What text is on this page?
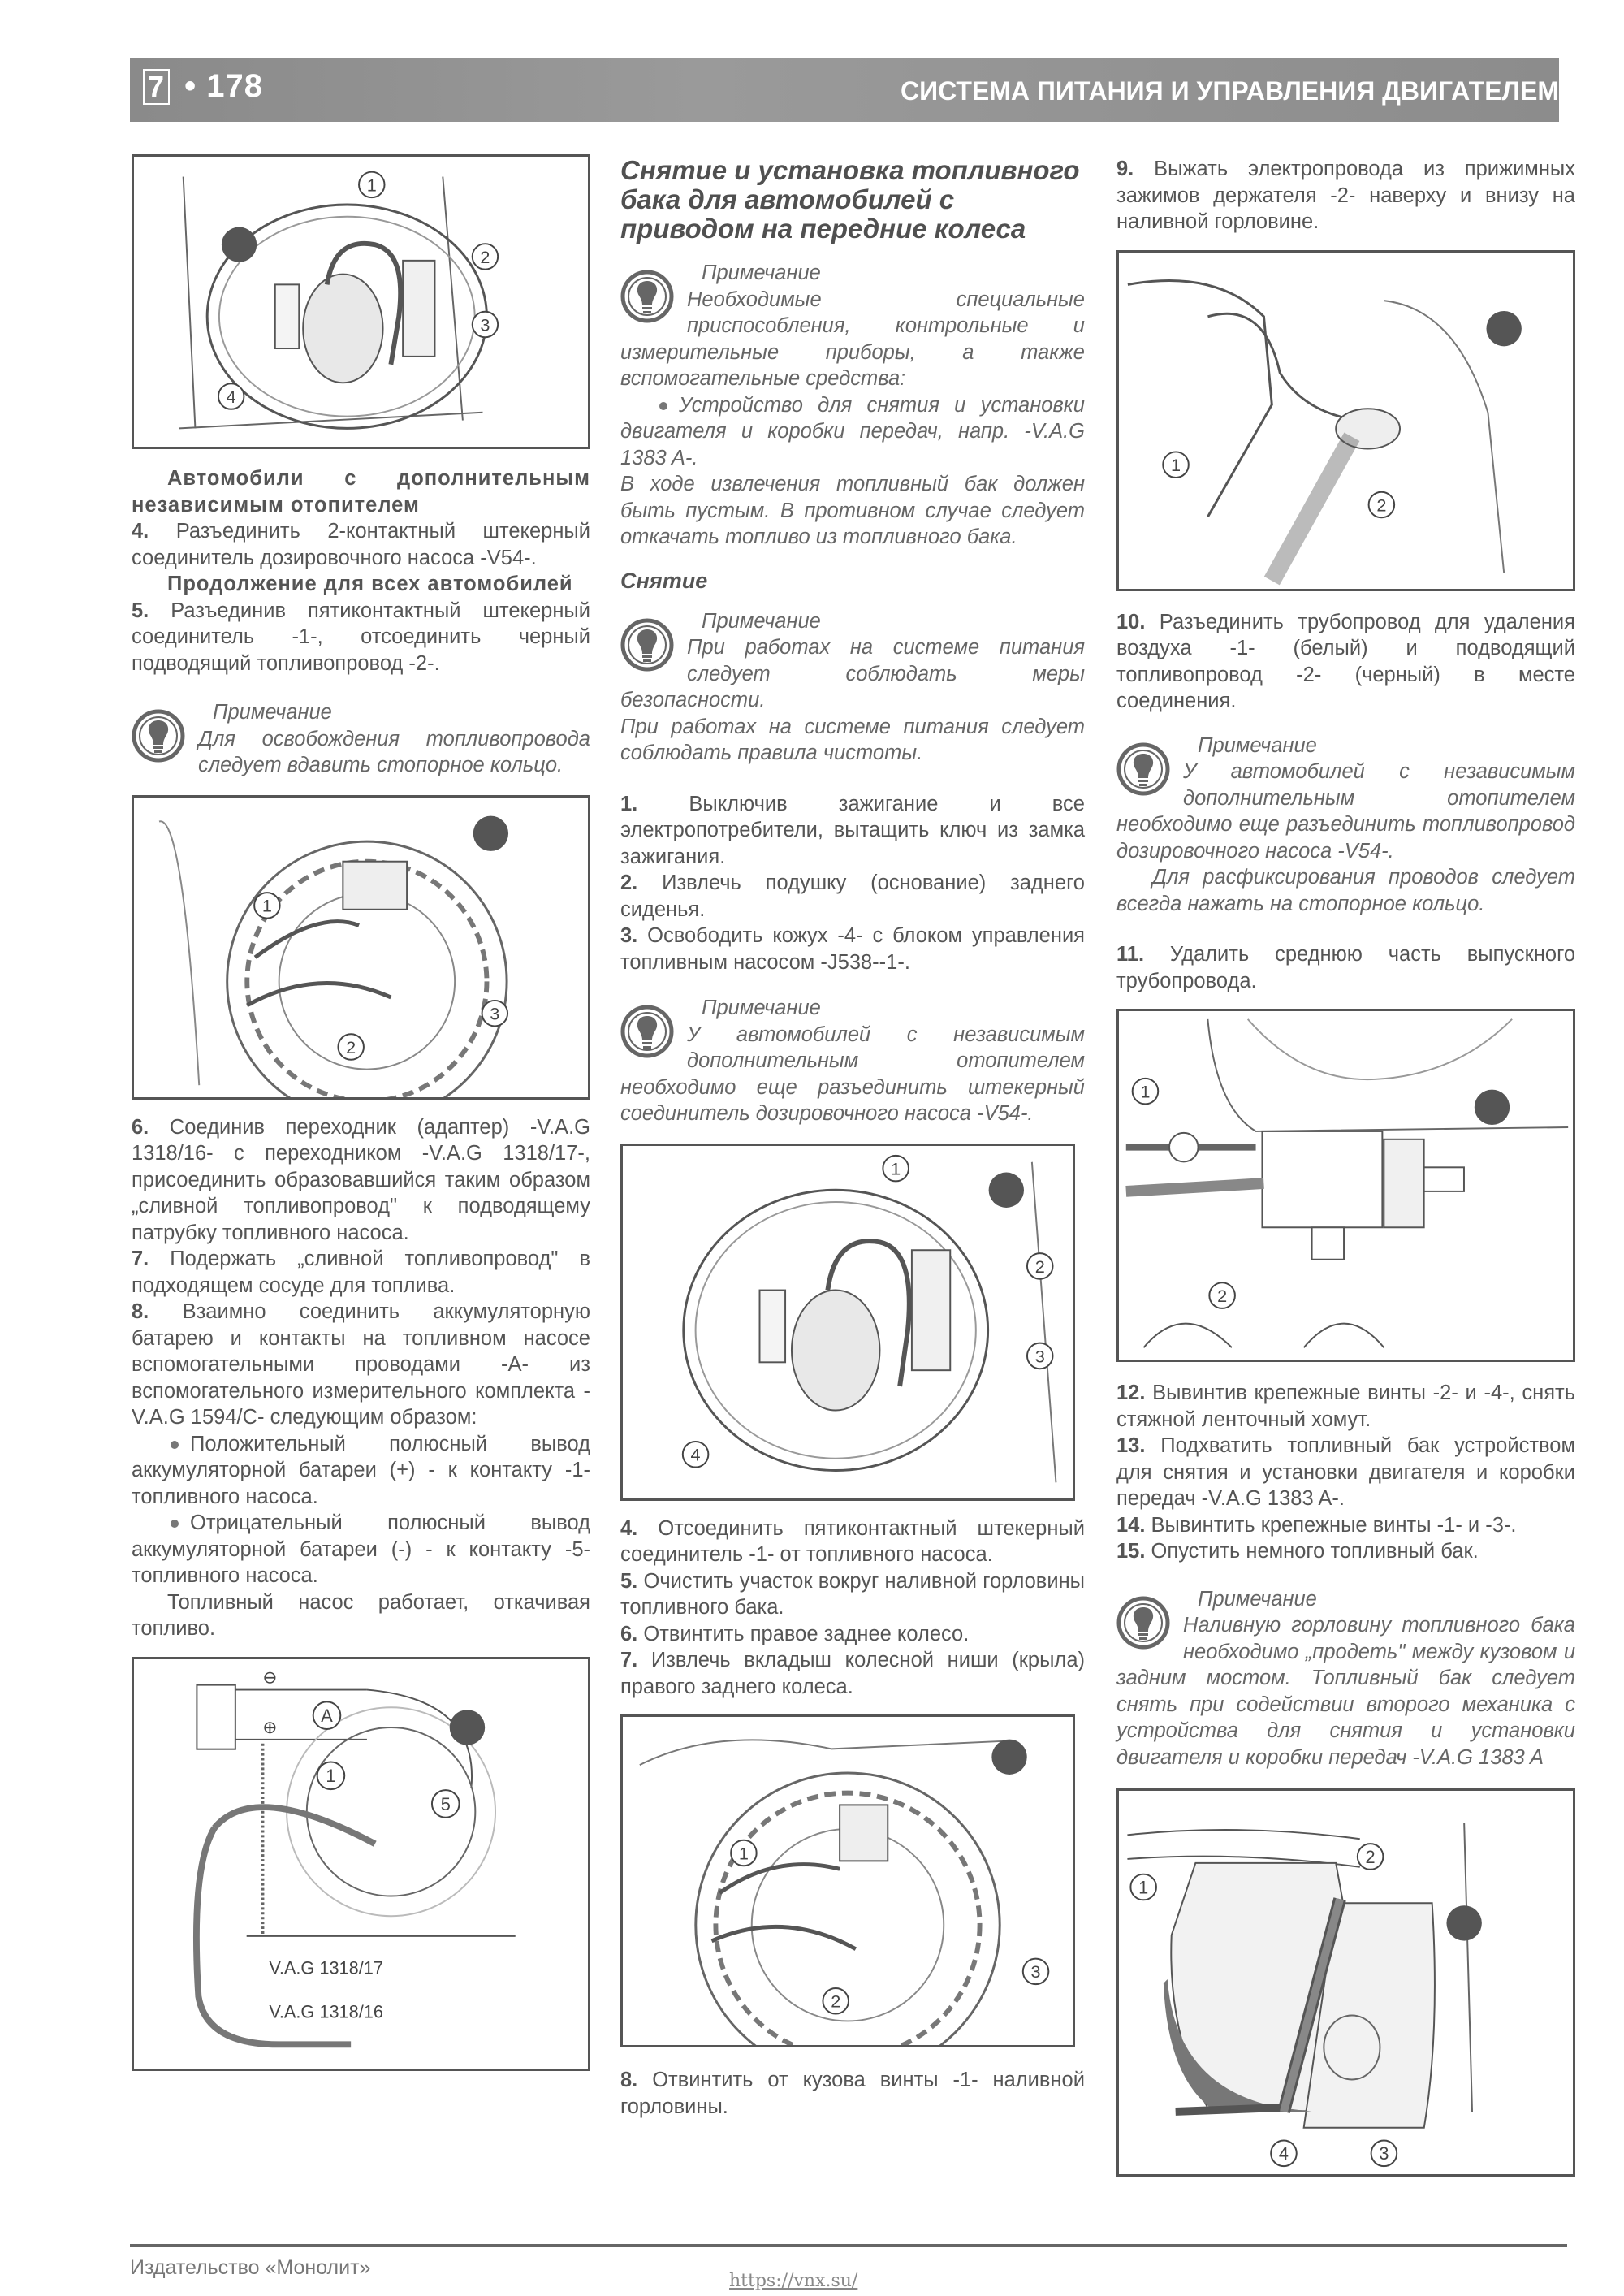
7 • 178	СИСТЕМА ПИТАНИЯ И УПРАВЛЕНИЯ ДВИГАТЕЛЕМ
1
2
3
4
Автомобили с дополнительным независимым отопителем

4. Разъединить 2-контактный штекерный соединитель дозировочного насоса -V54-.

Продолжение для всех автомобилей

5. Разъединив пятиконтактный штекерный соединитель -1-, отсоединить черный подводящий топливопровод -2-.

Примечание
Для освобождения топливопровода следует вдавить стопорное кольцо.
1
2
3

6. Соединив переходник (адаптер) -V.A.G 1318/16- с переходником -V.A.G 1318/17-, присоединить образовавшийся таким образом „сливной топливопровод" к подводящему патрубку топливного насоса.

7. Подержать „сливной топливопровод" в подходящем сосуде для топлива.

8. Взаимно соединить аккумуляторную батарею и контакты на топливном насосе вспомогательными проводами -A- из вспомогательного измерительного комплекта -V.A.G 1594/C- следующим образом:

Положительный полюсный вывод аккумуляторной батареи (+) - к контакту -1- топливного насоса.

Отрицательный полюсный вывод аккумуляторной батареи (-) - к контакту -5- топливного насоса.

Топливный насос работает, откачивая топливо.

⊖
⊕
A
1
5
V.A.G 1318/17
V.A.G 1318/16
Снятие и установка топливного бака для автомобилей с приводом на передние колеса
Примечание
Необходимые специальные приспособления, контрольные и измерительные приборы, а также вспомогательные средства:
Устройство для снятия и установки двигателя и коробки передач, напр. -V.A.G 1383 A-.
В ходе извлечения топливный бак должен быть пустым. В противном случае следует откачать топливо из топливного бака.
Снятие
Примечание
При работах на системе питания следует соблюдать меры безопасности.
При работах на системе питания следует соблюдать правила чистоты.

1. Выключив зажигание и все электропотребители, вытащить ключ из замка зажигания.

2. Извлечь подушку (основание) заднего сиденья.

3. Освободить кожух -4- с блоком управления топливным насосом -J538--1-.

Примечание
У автомобилей с независимым дополнительным отопителем необходимо еще разъединить штекерный соединитель дозировочного насоса -V54-.
1
2
3
4

4. Отсоединить пятиконтактный штекерный соединитель -1- от топливного насоса.

5. Очистить участок вокруг наливной горловины топливного бака.

6. Отвинтить правое заднее колесо.

7. Извлечь вкладыш колесной ниши (крыла) правого заднего колеса.

1
2
3

8. Отвинтить от кузова винты -1- наливной горловины.

9. Выжать электропровода из прижимных зажимов держателя -2- наверху и внизу на наливной горловине.

1
2

10. Разъединить трубопровод для удаления воздуха -1- (белый) и подводящий топливопровод -2- (черный) в месте соединения.

Примечание
У автомобилей с независимым дополнительным отопителем необходимо еще разъединить топливопровод дозировочного насоса -V54-.
Для расфиксирования проводов следует всегда нажать на стопорное кольцо.

11. Удалить среднюю часть выпускного трубопровода.

1
2

12. Вывинтив крепежные винты -2- и -4-, снять стяжной ленточный хомут.

13. Подхватить топливный бак устройством для снятия и установки двигателя и коробки передач -V.A.G 1383 A-.

14. Вывинтить крепежные винты -1- и -3-.

15. Опустить немного топливный бак.

Примечание
Наливную горловину топливного бака необходимо „продеть" между кузовом и задним мостом. Топливный бак следует снять при содействии второго механика с устройства для снятия и установки двигателя и коробки передач -V.A.G 1383 A
1
2
3
4
Издательство «Монолит»
https://vnx.su/
